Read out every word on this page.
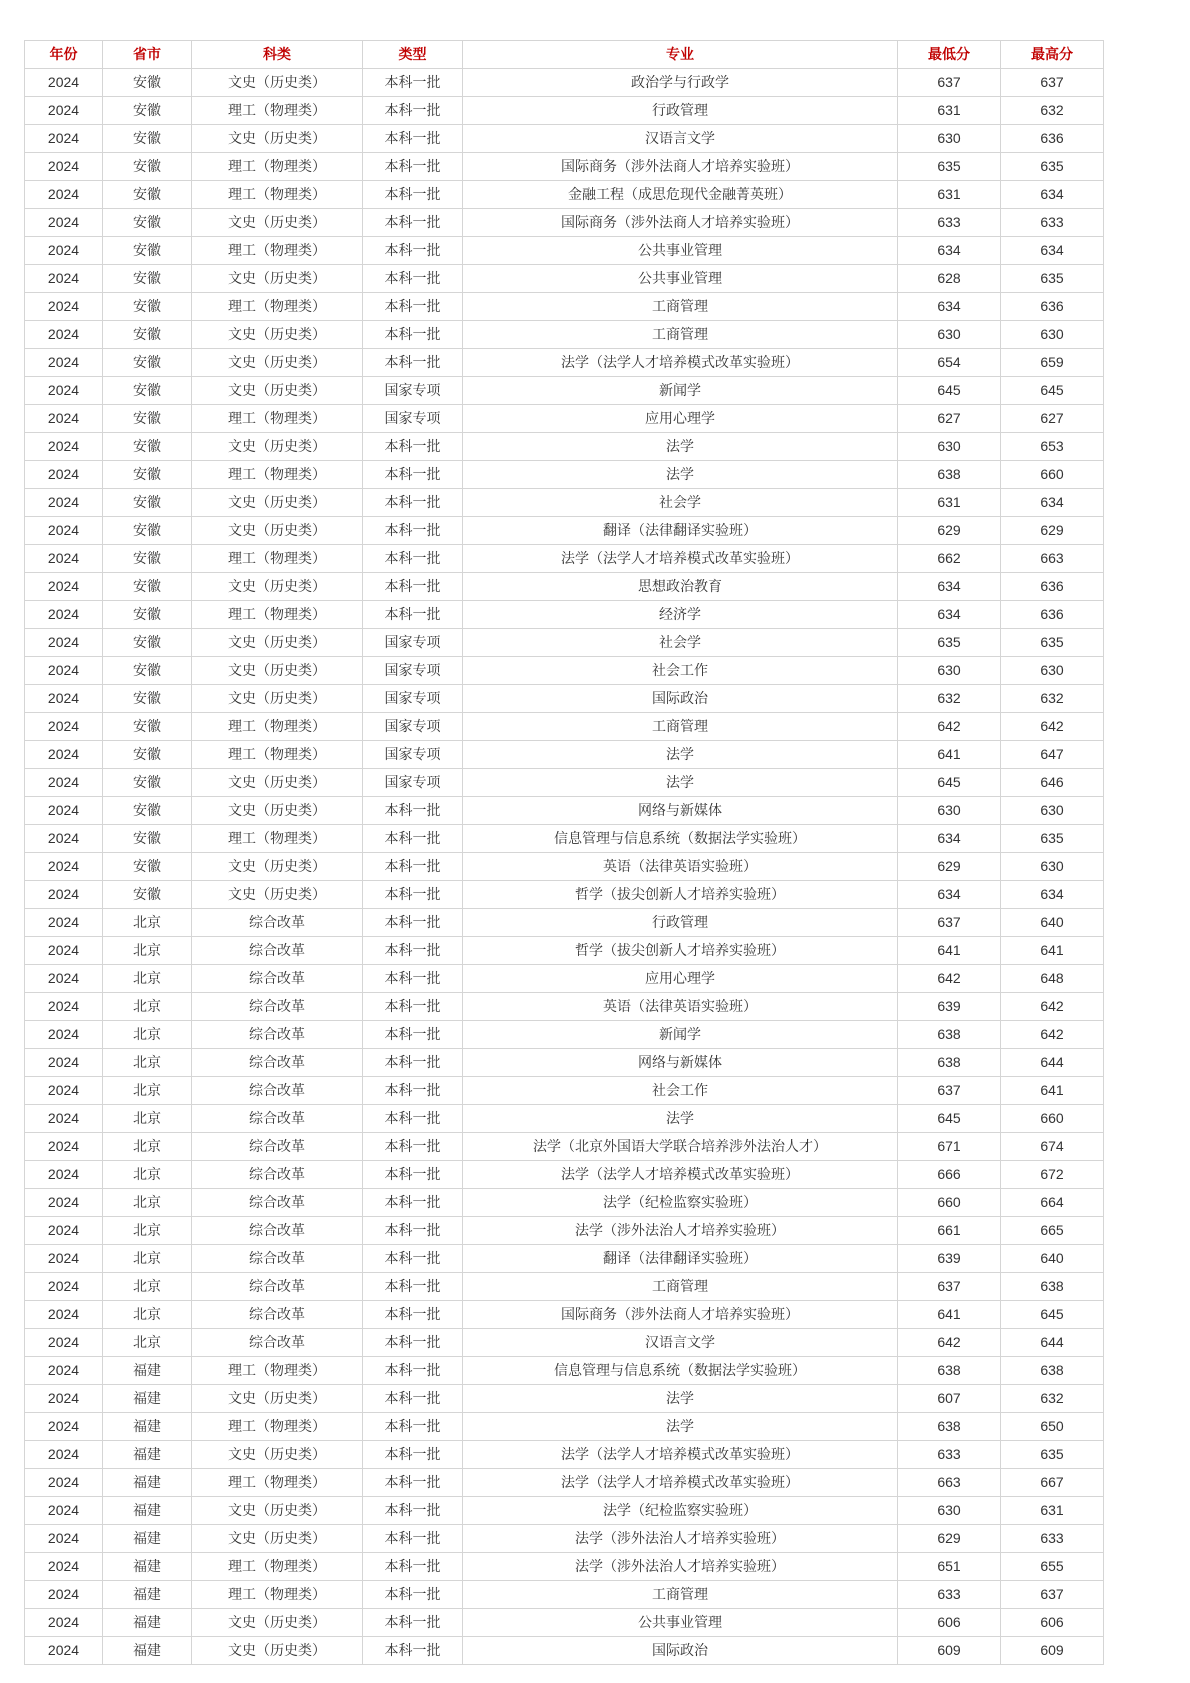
年份	省市	科类	类型	专业	最低分	最高分
2024	安徽	文史（历史类）	本科一批	政治学与行政学	637	637
2024	安徽	理工（物理类）	本科一批	行政管理	631	632
2024	安徽	文史（历史类）	本科一批	汉语言文学	630	636
2024	安徽	理工（物理类）	本科一批	国际商务（涉外法商人才培养实验班）	635	635
2024	安徽	理工（物理类）	本科一批	金融工程（成思危现代金融菁英班）	631	634
2024	安徽	文史（历史类）	本科一批	国际商务（涉外法商人才培养实验班）	633	633
2024	安徽	理工（物理类）	本科一批	公共事业管理	634	634
2024	安徽	文史（历史类）	本科一批	公共事业管理	628	635
2024	安徽	理工（物理类）	本科一批	工商管理	634	636
2024	安徽	文史（历史类）	本科一批	工商管理	630	630
2024	安徽	文史（历史类）	本科一批	法学（法学人才培养模式改革实验班）	654	659
2024	安徽	文史（历史类）	国家专项	新闻学	645	645
2024	安徽	理工（物理类）	国家专项	应用心理学	627	627
2024	安徽	文史（历史类）	本科一批	法学	630	653
2024	安徽	理工（物理类）	本科一批	法学	638	660
2024	安徽	文史（历史类）	本科一批	社会学	631	634
2024	安徽	文史（历史类）	本科一批	翻译（法律翻译实验班）	629	629
2024	安徽	理工（物理类）	本科一批	法学（法学人才培养模式改革实验班）	662	663
2024	安徽	文史（历史类）	本科一批	思想政治教育	634	636
2024	安徽	理工（物理类）	本科一批	经济学	634	636
2024	安徽	文史（历史类）	国家专项	社会学	635	635
2024	安徽	文史（历史类）	国家专项	社会工作	630	630
2024	安徽	文史（历史类）	国家专项	国际政治	632	632
2024	安徽	理工（物理类）	国家专项	工商管理	642	642
2024	安徽	理工（物理类）	国家专项	法学	641	647
2024	安徽	文史（历史类）	国家专项	法学	645	646
2024	安徽	文史（历史类）	本科一批	网络与新媒体	630	630
2024	安徽	理工（物理类）	本科一批	信息管理与信息系统（数据法学实验班）	634	635
2024	安徽	文史（历史类）	本科一批	英语（法律英语实验班）	629	630
2024	安徽	文史（历史类）	本科一批	哲学（拔尖创新人才培养实验班）	634	634
2024	北京	综合改革	本科一批	行政管理	637	640
2024	北京	综合改革	本科一批	哲学（拔尖创新人才培养实验班）	641	641
2024	北京	综合改革	本科一批	应用心理学	642	648
2024	北京	综合改革	本科一批	英语（法律英语实验班）	639	642
2024	北京	综合改革	本科一批	新闻学	638	642
2024	北京	综合改革	本科一批	网络与新媒体	638	644
2024	北京	综合改革	本科一批	社会工作	637	641
2024	北京	综合改革	本科一批	法学	645	660
2024	北京	综合改革	本科一批	法学（北京外国语大学联合培养涉外法治人才）	671	674
2024	北京	综合改革	本科一批	法学（法学人才培养模式改革实验班）	666	672
2024	北京	综合改革	本科一批	法学（纪检监察实验班）	660	664
2024	北京	综合改革	本科一批	法学（涉外法治人才培养实验班）	661	665
2024	北京	综合改革	本科一批	翻译（法律翻译实验班）	639	640
2024	北京	综合改革	本科一批	工商管理	637	638
2024	北京	综合改革	本科一批	国际商务（涉外法商人才培养实验班）	641	645
2024	北京	综合改革	本科一批	汉语言文学	642	644
2024	福建	理工（物理类）	本科一批	信息管理与信息系统（数据法学实验班）	638	638
2024	福建	文史（历史类）	本科一批	法学	607	632
2024	福建	理工（物理类）	本科一批	法学	638	650
2024	福建	文史（历史类）	本科一批	法学（法学人才培养模式改革实验班）	633	635
2024	福建	理工（物理类）	本科一批	法学（法学人才培养模式改革实验班）	663	667
2024	福建	文史（历史类）	本科一批	法学（纪检监察实验班）	630	631
2024	福建	文史（历史类）	本科一批	法学（涉外法治人才培养实验班）	629	633
2024	福建	理工（物理类）	本科一批	法学（涉外法治人才培养实验班）	651	655
2024	福建	理工（物理类）	本科一批	工商管理	633	637
2024	福建	文史（历史类）	本科一批	公共事业管理	606	606
2024	福建	文史（历史类）	本科一批	国际政治	609	609
